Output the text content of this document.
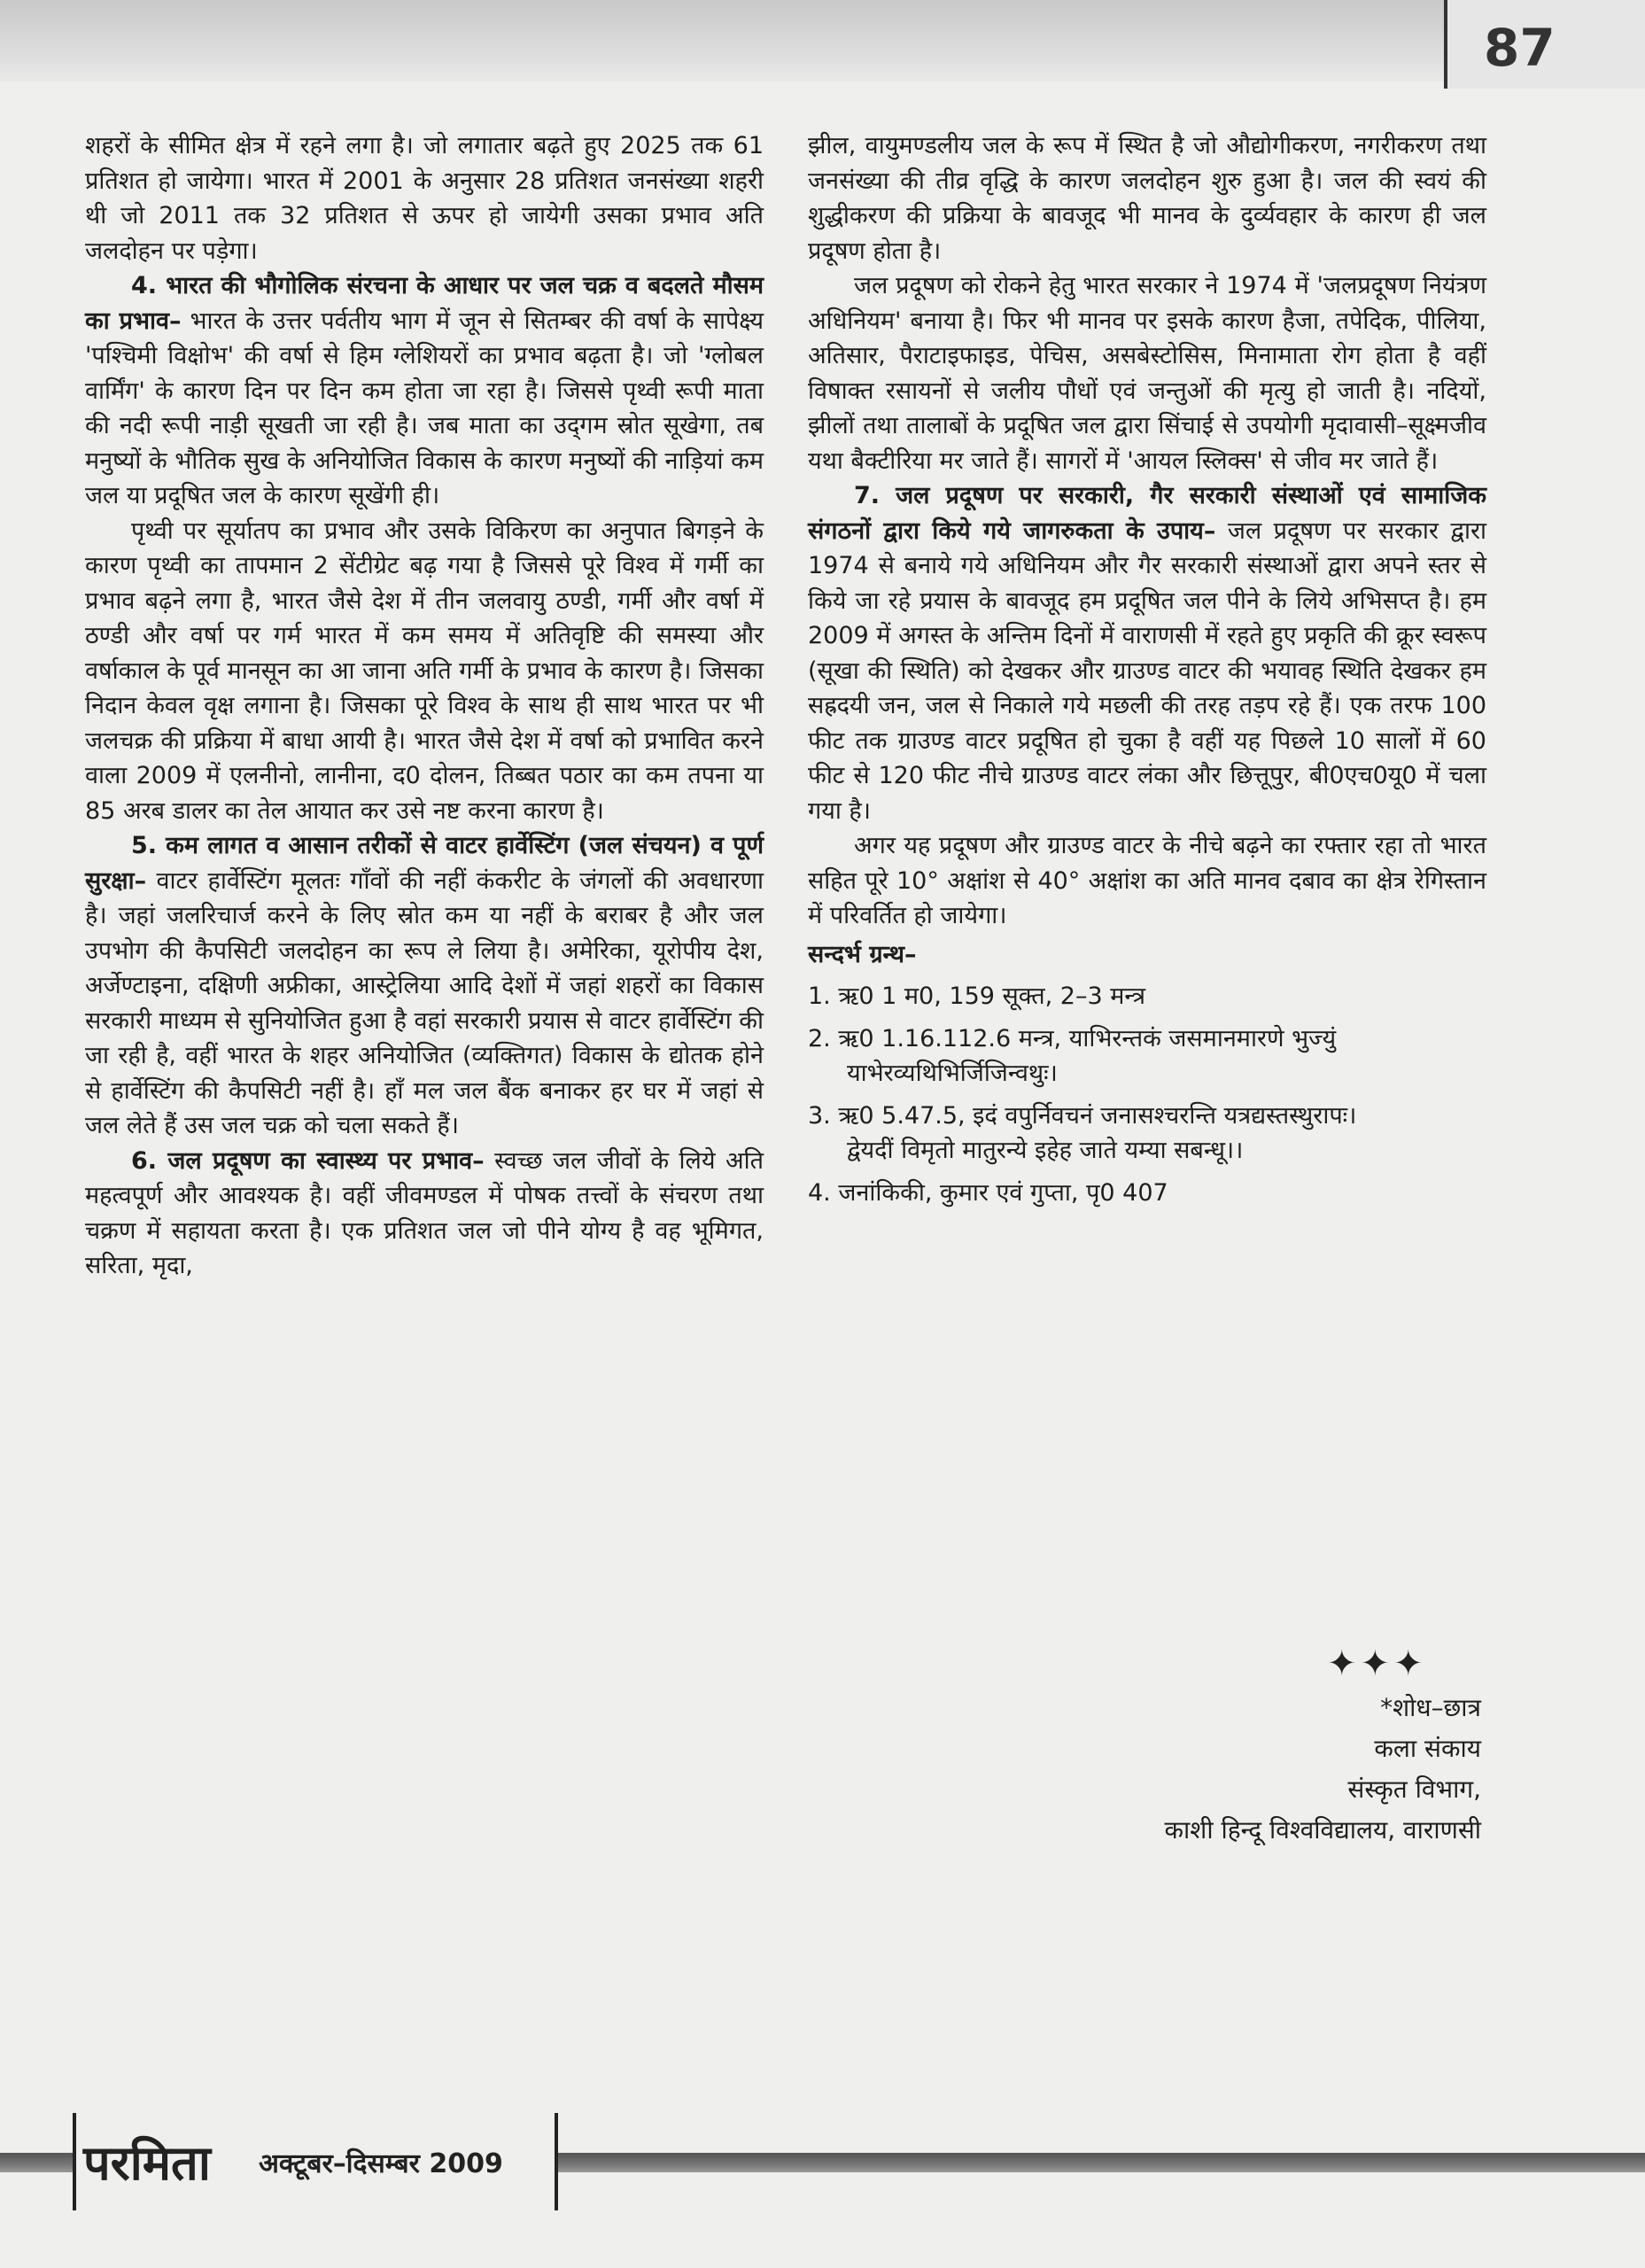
87

शहरों के सीमित क्षेत्र में रहने लगा है। जो लगातार बढ़ते हुए 2025 तक 61 प्रतिशत हो जायेगा। भारत में 2001 के अनुसार 28 प्रतिशत जनसंख्या शहरी थी जो 2011 तक 32 प्रतिशत से ऊपर हो जायेगी उसका प्रभाव अति जलदोहन पर पड़ेगा।

4. भारत की भौगोलिक संरचना के आधार पर जल चक्र व बदलते मौसम का प्रभाव– भारत के उत्तर पर्वतीय भाग में जून से सितम्बर की वर्षा के सापेक्ष्य 'पश्चिमी विक्षोभ' की वर्षा से हिम ग्लेशियरों का प्रभाव बढ़ता है। जो 'ग्लोबल वार्मिंग' के कारण दिन पर दिन कम होता जा रहा है। जिससे पृथ्वी रूपी माता की नदी रूपी नाड़ी सूखती जा रही है। जब माता का उद्‌गम स्रोत सूखेगा, तब मनुष्यों के भौतिक सुख के अनियोजित विकास के कारण मनुष्यों की नाड़ियां कम जल या प्रदूषित जल के कारण सूखेंगी ही।

पृथ्वी पर सूर्यातप का प्रभाव और उसके विकिरण का अनुपात बिगड़ने के कारण पृथ्वी का तापमान 2 सेंटीग्रेट बढ़ गया है जिससे पूरे विश्व में गर्मी का प्रभाव बढ़ने लगा है, भारत जैसे देश में तीन जलवायु ठण्डी, गर्मी और वर्षा में ठण्डी और वर्षा पर गर्म भारत में कम समय में अतिवृष्टि की समस्या और वर्षाकाल के पूर्व मानसून का आ जाना अति गर्मी के प्रभाव के कारण है। जिसका निदान केवल वृक्ष लगाना है। जिसका पूरे विश्व के साथ ही साथ भारत पर भी जलचक्र की प्रक्रिया में बाधा आयी है। भारत जैसे देश में वर्षा को प्रभावित करने वाला 2009 में एलनीनो, लानीना, द0 दोलन, तिब्बत पठार का कम तपना या 85 अरब डालर का तेल आयात कर उसे नष्ट करना कारण है।

5. कम लागत व आसान तरीकों से वाटर हार्वेस्टिंग (जल संचयन) व पूर्ण सुरक्षा– वाटर हार्वेस्टिंग मूलतः गाँवों की नहीं कंकरीट के जंगलों की अवधारणा है। जहां जलरिचार्ज करने के लिए स्रोत कम या नहीं के बराबर है और जल उपभोग की कैपसिटी जलदोहन का रूप ले लिया है। अमेरिका, यूरोपीय देश, अर्जेण्टाइना, दक्षिणी अफ्रीका, आस्ट्रेलिया आदि देशों में जहां शहरों का विकास सरकारी माध्यम से सुनियोजित हुआ है वहां सरकारी प्रयास से वाटर हार्वेस्टिंग की जा रही है, वहीं भारत के शहर अनियोजित (व्यक्तिगत) विकास के द्योतक होने से हार्वेस्टिंग की कैपसिटी नहीं है। हाँ मल जल बैंक बनाकर हर घर में जहां से जल लेते हैं उस जल चक्र को चला सकते हैं।

6. जल प्रदूषण का स्वास्थ्य पर प्रभाव– स्वच्छ जल जीवों के लिये अति महत्वपूर्ण और आवश्यक है। वहीं जीवमण्डल में पोषक तत्त्वों के संचरण तथा चक्रण में सहायता करता है। एक प्रतिशत जल जो पीने योग्य है वह भूमिगत, सरिता, मृदा,

झील, वायुमण्डलीय जल के रूप में स्थित है जो औद्योगीकरण, नगरीकरण तथा जनसंख्या की तीव्र वृद्धि के कारण जलदोहन शुरु हुआ है। जल की स्वयं की शुद्धीकरण की प्रक्रिया के बावजूद भी मानव के दुर्व्यवहार के कारण ही जल प्रदूषण होता है।

जल प्रदूषण को रोकने हेतु भारत सरकार ने 1974 में 'जलप्रदूषण नियंत्रण अधिनियम' बनाया है। फिर भी मानव पर इसके कारण हैजा, तपेदिक, पीलिया, अतिसार, पैराटाइफाइड, पेचिस, असबेस्टोसिस, मिनामाता रोग होता है वहीं विषाक्त रसायनों से जलीय पौधों एवं जन्तुओं की मृत्यु हो जाती है। नदियों, झीलों तथा तालाबों के प्रदूषित जल द्वारा सिंचाई से उपयोगी मृदावासी–सूक्ष्मजीव यथा बैक्टीरिया मर जाते हैं। सागरों में 'आयल स्लिक्स' से जीव मर जाते हैं।

7. जल प्रदूषण पर सरकारी, गैर सरकारी संस्थाओं एवं सामाजिक संगठनों द्वारा किये गये जागरुकता के उपाय– जल प्रदूषण पर सरकार द्वारा 1974 से बनाये गये अधिनियम और गैर सरकारी संस्थाओं द्वारा अपने स्तर से किये जा रहे प्रयास के बावजूद हम प्रदूषित जल पीने के लिये अभिसप्त है। हम 2009 में अगस्त के अन्तिम दिनों में वाराणसी में रहते हुए प्रकृति की क्रूर स्वरूप (सूखा की स्थिति) को देखकर और ग्राउण्ड वाटर की भयावह स्थिति देखकर हम सह्रदयी जन, जल से निकाले गये मछली की तरह तड़प रहे हैं। एक तरफ 100 फीट तक ग्राउण्ड वाटर प्रदूषित हो चुका है वहीं यह पिछले 10 सालों में 60 फीट से 120 फीट नीचे ग्राउण्ड वाटर लंका और छित्तूपुर, बी0एच0यू0 में चला गया है।

अगर यह प्रदूषण और ग्राउण्ड वाटर के नीचे बढ़ने का रफ्तार रहा तो भारत सहित पूरे 10° अक्षांश से 40° अक्षांश का अति मानव दबाव का क्षेत्र रेगिस्तान में परिवर्तित हो जायेगा।

सन्दर्भ ग्रन्थ–

1. ऋ0 1 म0, 159 सूक्त, 2–3 मन्त्र

2. ऋ0 1.16.112.6 मन्त्र, याभिरन्तकं जसमानमारणे भुज्युं
याभेरव्यथिभिर्जिजिन्वथुः।

3. ऋ0 5.47.5, इदं वपुर्निवचनं जनासश्चरन्ति यत्रद्यस्तस्थुरापः।
द्वेयदीं विमृतो मातुरन्ये इहेह जाते यम्या सबन्धू।।

4. जनांकिकी, कुमार एवं गुप्ता, पृ0 407

✦✦✦
*शोध–छात्र
कला संकाय
संस्कृत विभाग,
काशी हिन्दू विश्वविद्यालय, वाराणसी
परमिता अक्टूबर–दिसम्बर 2009
